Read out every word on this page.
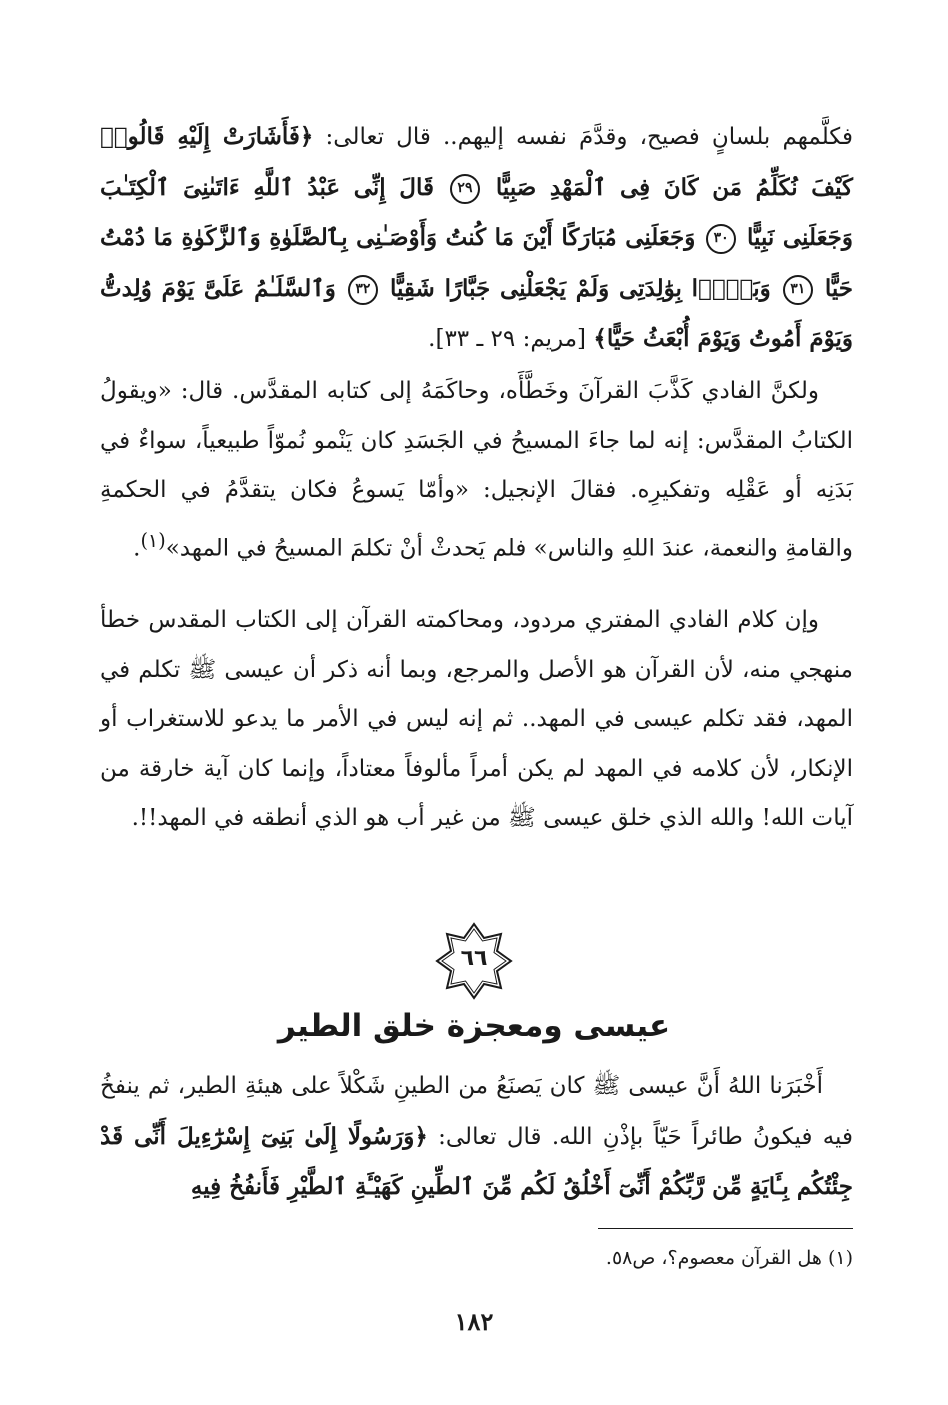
فكلَّمهم بلسانٍ فصيح، وقدَّمَ نفسه إليهم.. قال تعالى: ﴿فَأَشَارَتْ إِلَيْهِ قَالُوا۟ كَيْفَ نُكَلِّمُ مَن كَانَ فِى ٱلْمَهْدِ صَبِيًّا ٢٩ قَالَ إِنِّى عَبْدُ ٱللَّهِ ءَاتَىٰنِىَ ٱلْكِتَـٰبَ وَجَعَلَنِى نَبِيًّا ٣٠ وَجَعَلَنِى مُبَارَكًا أَيْنَ مَا كُنتُ وَأَوْصَـٰنِى بِٱلصَّلَوٰةِ وَٱلزَّكَوٰةِ مَا دُمْتُ حَيًّا ٣١ وَبَرًّۢا بِوَٰلِدَتِى وَلَمْ يَجْعَلْنِى جَبَّارًا شَقِيًّا ٣٢ وَٱلسَّلَـٰمُ عَلَىَّ يَوْمَ وُلِدتُّ وَيَوْمَ أَمُوتُ وَيَوْمَ أُبْعَثُ حَيًّا﴾ [مريم: ٢٩ ـ ٣٣].

ولكنَّ الفادي كَذَّبَ القرآنَ وخَطَّأَه، وحاكَمَهُ إلى كتابه المقدَّس. قال: «ويقولُ الكتابُ المقدَّس: إنه لما جاءَ المسيحُ في الجَسَدِ كان يَنْمو نُموّاً طبيعياً، سواءٌ في بَدَنِه أو عَقْلِه وتفكيرِه. فقالَ الإنجيل: «وأمّا يَسوعُ فكان يتقدَّمُ في الحكمةِ والقامةِ والنعمة، عندَ اللهِ والناس» فلم يَحدثْ أنْ تكلمَ المسيحُ في المهد»$^{(١)}$.

وإن كلام الفادي المفتري مردود، ومحاكمته القرآن إلى الكتاب المقدس خطأ منهجي منه، لأن القرآن هو الأصل والمرجع، وبما أنه ذكر أن عيسى ﷺ تكلم في المهد، فقد تكلم عيسى في المهد.. ثم إنه ليس في الأمر ما يدعو للاستغراب أو الإنكار، لأن كلامه في المهد لم يكن أمراً مألوفاً معتاداً، وإنما كان آية خارقة من آيات الله! والله الذي خلق عيسى ﷺ من غير أب هو الذي أنطقه في المهد!!.

٦٦
عيسى ومعجزة خلق الطير

أَخْبَرَنا اللهُ أَنَّ عيسى ﷺ كان يَصنَعُ من الطينِ شَكْلاً على هيئةِ الطير، ثم ينفخُ فيه فيكونُ طائراً حَيّاً بإذْنِ الله. قال تعالى: ﴿وَرَسُولًا إِلَىٰ بَنِىٓ إِسْرَٰٓءِيلَ أَنِّى قَدْ جِئْتُكُم بِـَٔايَةٍ مِّن رَّبِّكُمْ أَنِّىٓ أَخْلُقُ لَكُم مِّنَ ٱلطِّينِ كَهَيْـَٔةِ ٱلطَّيْرِ فَأَنفُخُ فِيهِ

(١) هل القرآن معصوم؟، ص٥٨.
١٨٢
